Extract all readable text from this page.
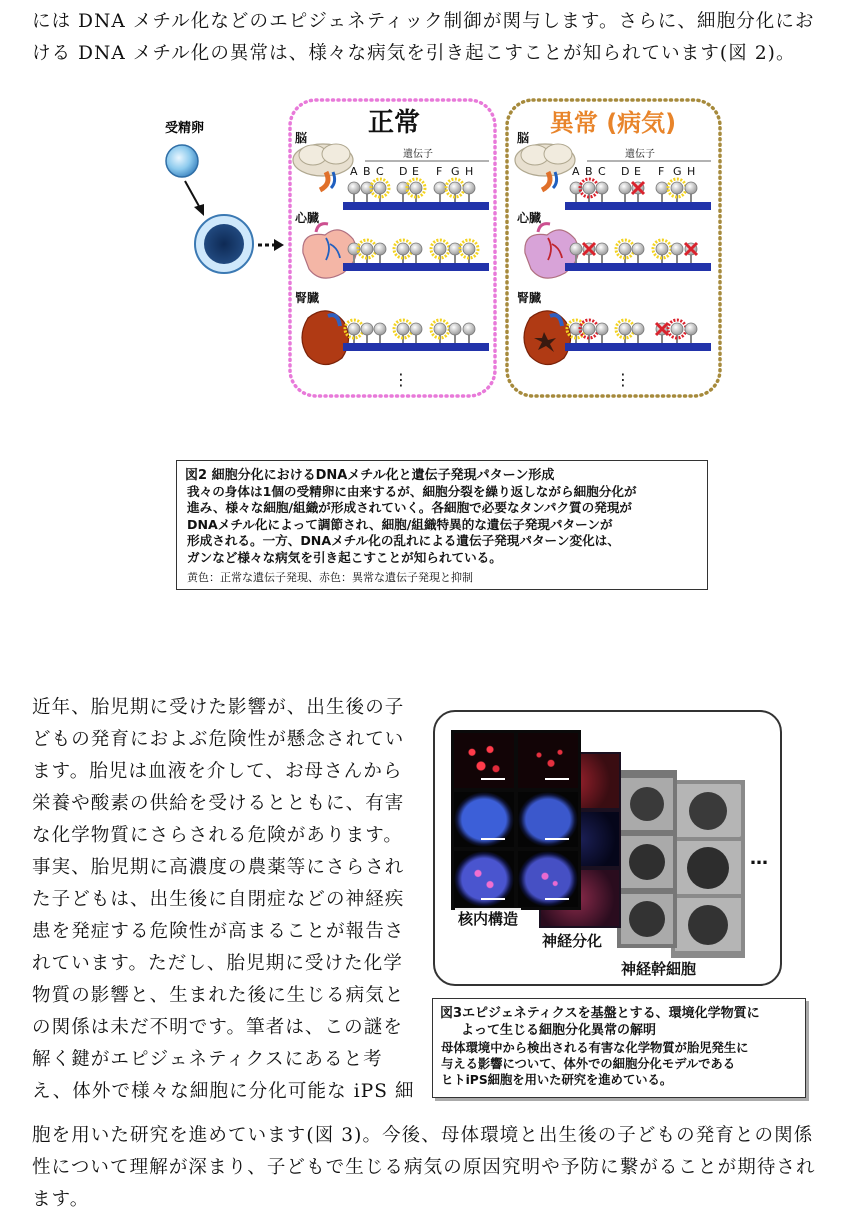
には DNA メチル化などのエピジェネティック制御が関与します。さらに、細胞分化にお
ける DNA メチル化の異常は、様々な病気を引き起こすことが知られています(図 2)。
受精卵	正常	異常 (病気)
脳
遺伝子
A B C D E F G H
心臓
腎臓
⋮
脳
遺伝子
A B C D E F G H
心臓
腎臓
⋮
図2 細胞分化におけるDNAメチル化と遺伝子発現パターン形成
我々の身体は1個の受精卵に由来するが、細胞分裂を繰り返しながら細胞分化が
進み、様々な細胞/組織が形成されていく。各細胞で必要なタンパク質の発現が
DNAメチル化によって調節され、細胞/組織特異的な遺伝子発現パターンが
形成される。一方、DNAメチル化の乱れによる遺伝子発現パターン変化は、
ガンなど様々な病気を引き起こすことが知られている。
黄色：正常な遺伝子発現、赤色：異常な遺伝子発現と抑制
近年、胎児期に受けた影響が、出生後の子
どもの発育におよぶ危険性が懸念されてい
ます。胎児は血液を介して、お母さんから
栄養や酸素の供給を受けるとともに、有害
な化学物質にさらされる危険があります。
事実、胎児期に高濃度の農薬等にさらされ
た子どもは、出生後に自閉症などの神経疾
患を発症する危険性が高まることが報告さ
れています。ただし、胎児期に受けた化学
物質の影響と、生まれた後に生じる病気と
の関係は未だ不明です。筆者は、この謎を
解く鍵がエピジェネティクスにあると考
え、体外で様々な細胞に分化可能な iPS 細
核内構造
神経分化
神経幹細胞
…
図3エピジェネティクスを基盤とする、環境化学物質に
よって生じる細胞分化異常の解明
母体環境中から検出される有害な化学物質が胎児発生に
与える影響について、体外での細胞分化モデルである
ヒトiPS細胞を用いた研究を進めている。
胞を用いた研究を進めています(図 3)。今後、母体環境と出生後の子どもの発育との関係
性について理解が深まり、子どもで生じる病気の原因究明や予防に繋がることが期待され
ます。
